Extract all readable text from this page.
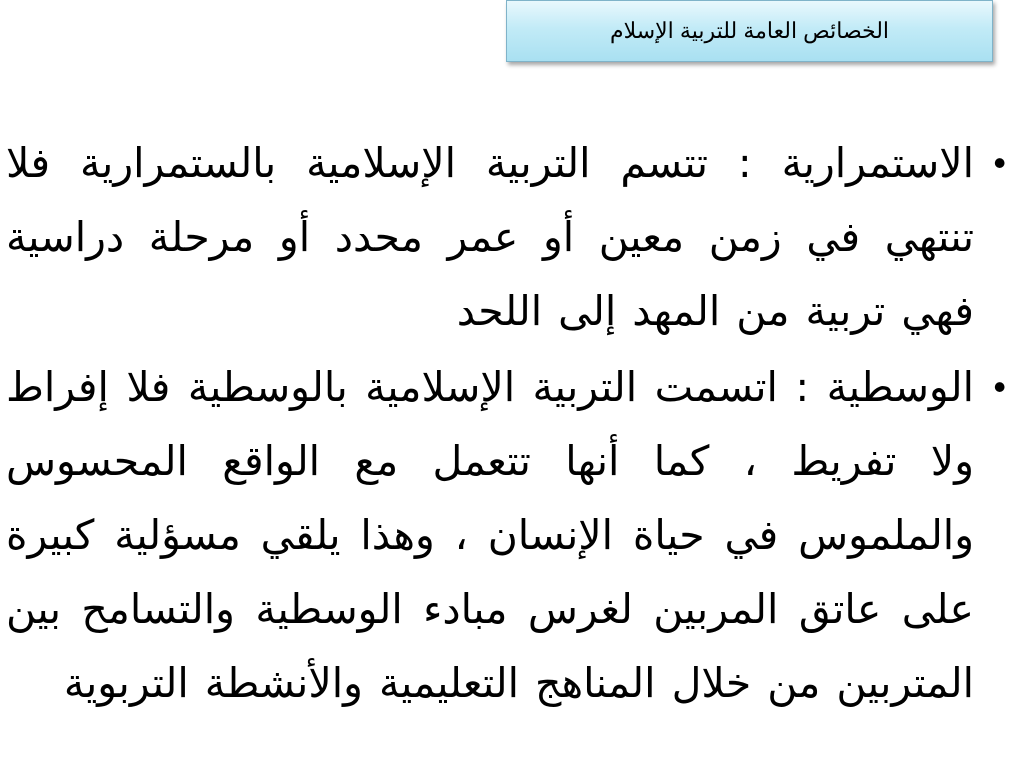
الخصائص العامة للتربية الإسلام
•
الاستمرارية : تتسم التربية الإسلامية بالستمرارية فلا تنتهي في زمن معين أو عمر محدد أو مرحلة دراسية فهي تربية من المهد إلى اللحد
•
الوسطية : اتسمت التربية الإسلامية بالوسطية فلا إفراط ولا تفريط ، كما أنها تتعمل مع الواقع المحسوس والملموس في حياة الإنسان ، وهذا يلقي مسؤلية كبيرة على عاتق المربين لغرس مبادء الوسطية والتسامح بين المتربين من خلال المناهج التعليمية والأنشطة التربوية
